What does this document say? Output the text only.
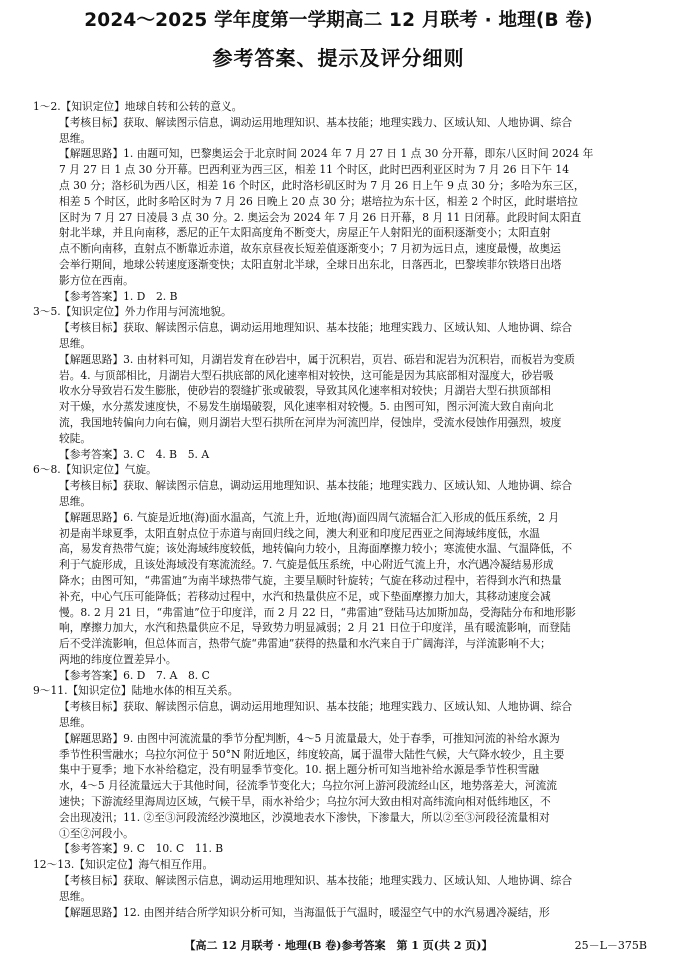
2024～2025 学年度第一学期高二 12 月联考 · 地理(B 卷)
参考答案、提示及评分细则
1～2.【知识定位】地球自转和公转的意义。
【考核目标】获取、解读图示信息，调动运用地理知识、基本技能；地理实践力、区域认知、人地协调、综合
思维。
【解题思路】1. 由题可知，巴黎奥运会于北京时间 2024 年 7 月 27 日 1 点 30 分开幕，即东八区时间 2024 年
7 月 27 日 1 点 30 分开幕。巴西利亚为西三区，相差 11 个时区，此时巴西利亚区时为 7 月 26 日下午 14
点 30 分；洛杉矶为西八区，相差 16 个时区，此时洛杉矶区时为 7 月 26 日上午 9 点 30 分；多哈为东三区，
相差 5 个时区，此时多哈区时为 7 月 26 日晚上 20 点 30 分；堪培拉为东十区，相差 2 个时区，此时堪培拉
区时为 7 月 27 日凌晨 3 点 30 分。2. 奥运会为 2024 年 7 月 26 日开幕，8 月 11 日闭幕。此段时间太阳直
射北半球，并且向南移，悉尼的正午太阳高度角不断变大，房屋正午人射阳光的面积逐渐变小；太阳直射
点不断向南移，直射点不断靠近赤道，故东京昼夜长短差值逐渐变小；7 月初为远日点，速度最慢，故奥运
会举行期间，地球公转速度逐渐变快；太阳直射北半球，全球日出东北，日落西北，巴黎埃菲尔铁塔日出塔
影方位在西南。
【参考答案】1. D　2. B
3～5.【知识定位】外力作用与河流地貌。
【考核目标】获取、解读图示信息，调动运用地理知识、基本技能；地理实践力、区域认知、人地协调、综合
思维。
【解题思路】3. 由材料可知，月湖岩发育在砂岩中，属于沉积岩，页岩、砾岩和泥岩为沉积岩，而板岩为变质
岩。4. 与顶部相比，月湖岩大型石拱底部的风化速率相对较快，这可能是因为其底部相对湿度大，砂岩吸
收水分导致岩石发生膨胀，使砂岩的裂缝扩张或破裂，导致其风化速率相对较快；月湖岩大型石拱顶部相
对干燥，水分蒸发速度快，不易发生崩塌破裂，风化速率相对较慢。5. 由图可知，图示河流大致自南向北
流，我国地转偏向力向右偏，则月湖岩大型石拱所在河岸为河流凹岸，侵蚀岸，受流水侵蚀作用强烈，坡度
较陡。
【参考答案】3. C　4. B　5. A
6～8.【知识定位】气旋。
【考核目标】获取、解读图示信息，调动运用地理知识、基本技能；地理实践力、区域认知、人地协调、综合
思维。
【解题思路】6. 气旋是近地(海)面水温高，气流上升，近地(海)面四周气流辐合汇入形成的低压系统，2 月
初是南半球夏季，太阳直射点位于赤道与南回归线之间，澳大利亚和印度尼西亚之间海域纬度低，水温
高，易发育热带气旋；该处海域纬度较低，地转偏向力较小，且海面摩擦力较小；寒流使水温、气温降低，不
利于气旋形成，且该处海域没有寒流流经。7. 气旋是低压系统，中心附近气流上升，水汽遇冷凝结易形成
降水；由图可知，“弗雷迪”为南半球热带气旋，主要呈顺时针旋转；气旋在移动过程中，若得到水汽和热量
补充，中心气压可能降低；若移动过程中，水汽和热量供应不足，或下垫面摩擦力加大，其移动速度会减
慢。8. 2 月 21 日，“弗雷迪”位于印度洋，而 2 月 22 日，“弗雷迪”登陆马达加斯加岛，受海陆分布和地形影
响，摩擦力加大，水汽和热量供应不足，导致势力明显减弱；2 月 21 日位于印度洋，虽有暖流影响，而登陆
后不受洋流影响，但总体而言，热带气旋“弗雷迪”获得的热量和水汽来自于广阔海洋，与洋流影响不大；
两地的纬度位置差异小。
【参考答案】6. D　7. A　8. C
9～11.【知识定位】陆地水体的相互关系。
【考核目标】获取、解读图示信息，调动运用地理知识、基本技能；地理实践力、区域认知、人地协调、综合
思维。
【解题思路】9. 由图中河流流量的季节分配判断，4～5 月流量最大，处于春季，可推知河流的补给水源为
季节性积雪融水；乌拉尔河位于 50°N 附近地区，纬度较高，属于温带大陆性气候，大气降水较少，且主要
集中于夏季；地下水补给稳定，没有明显季节变化。10. 据上题分析可知当地补给水源是季节性积雪融
水，4～5 月径流量远大于其他时间，径流季节变化大；乌拉尔河上游河段流经山区，地势落差大，河流流
速快；下游流经里海周边区域，气候干旱，雨水补给少；乌拉尔河大致由相对高纬流向相对低纬地区，不
会出现凌汛；11. ②至③河段流经沙漠地区，沙漠地表水下渗快，下渗量大，所以②至③河段径流量相对
①至②河段小。
【参考答案】9. C　10. C　11. B
12～13.【知识定位】海气相互作用。
【考核目标】获取、解读图示信息，调动运用地理知识、基本技能；地理实践力、区域认知、人地协调、综合
思维。
【解题思路】12. 由图并结合所学知识分析可知，当海温低于气温时，暖湿空气中的水汽易遇冷凝结，形
【高二 12 月联考 · 地理(B 卷)参考答案　第 1 页(共 2 页)】	25－L－375B
